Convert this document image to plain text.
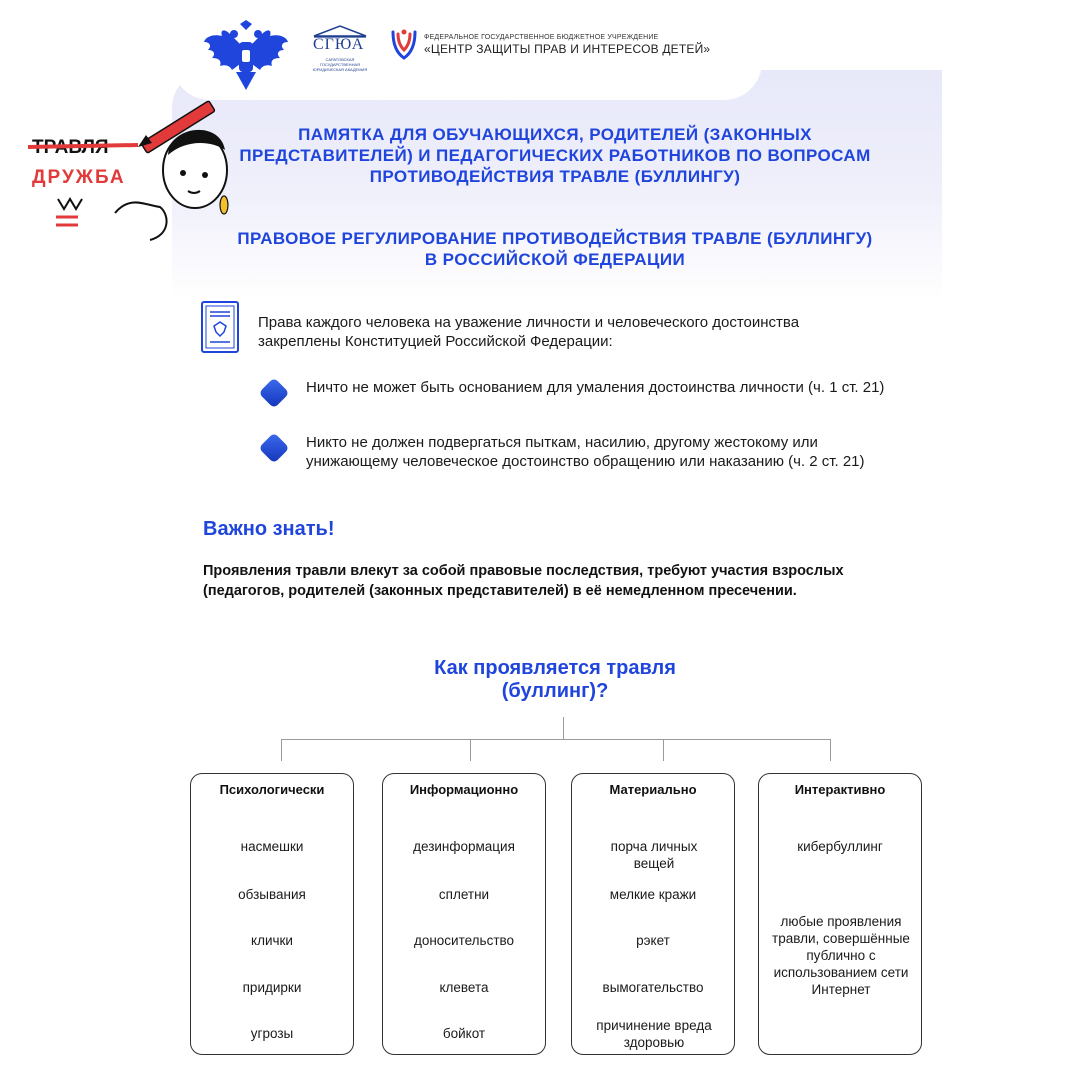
СГЮА
САРАТОВСКАЯ ГОСУДАРСТВЕННАЯ ЮРИДИЧЕСКАЯ АКАДЕМИЯ
ФЕДЕРАЛЬНОЕ ГОСУДАРСТВЕННОЕ БЮДЖЕТНОЕ УЧРЕЖДЕНИЕ
«ЦЕНТР ЗАЩИТЫ ПРАВ И ИНТЕРЕСОВ ДЕТЕЙ»
ДРУЖБА
ПАМЯТКА ДЛЯ ОБУЧАЮЩИХСЯ, РОДИТЕЛЕЙ (ЗАКОННЫХ ПРЕДСТАВИТЕЛЕЙ) И ПЕДАГОГИЧЕСКИХ РАБОТНИКОВ ПО ВОПРОСАМ ПРОТИВОДЕЙСТВИЯ ТРАВЛЕ (БУЛЛИНГУ)
ПРАВОВОЕ РЕГУЛИРОВАНИЕ ПРОТИВОДЕЙСТВИЯ ТРАВЛЕ (БУЛЛИНГУ) В РОССИЙСКОЙ ФЕДЕРАЦИИ
Права каждого человека на уважение личности и человеческого достоинства закреплены Конституцией Российской Федерации:
Ничто не может быть основанием для умаления достоинства личности (ч. 1 ст. 21)
Никто не должен подвергаться пыткам, насилию, другому жестокому или унижающему человеческое достоинство обращению или наказанию (ч. 2 ст. 21)
Важно знать!
Проявления травли влекут за собой правовые последствия, требуют участия взрослых (педагогов, родителей (законных представителей) в её немедленном пресечении.
Как проявляется травля (буллинг)?
Психологически
насмешки
обзывания
клички
придирки
угрозы
Информационно
дезинформация
сплетни
доносительство
клевета
бойкот
Материально
порча личных вещей
мелкие кражи
рэкет
вымогательство
причинение вреда здоровью
Интерактивно
кибербуллинг
любые проявления травли, совершённые публично с использованием сети Интернет
